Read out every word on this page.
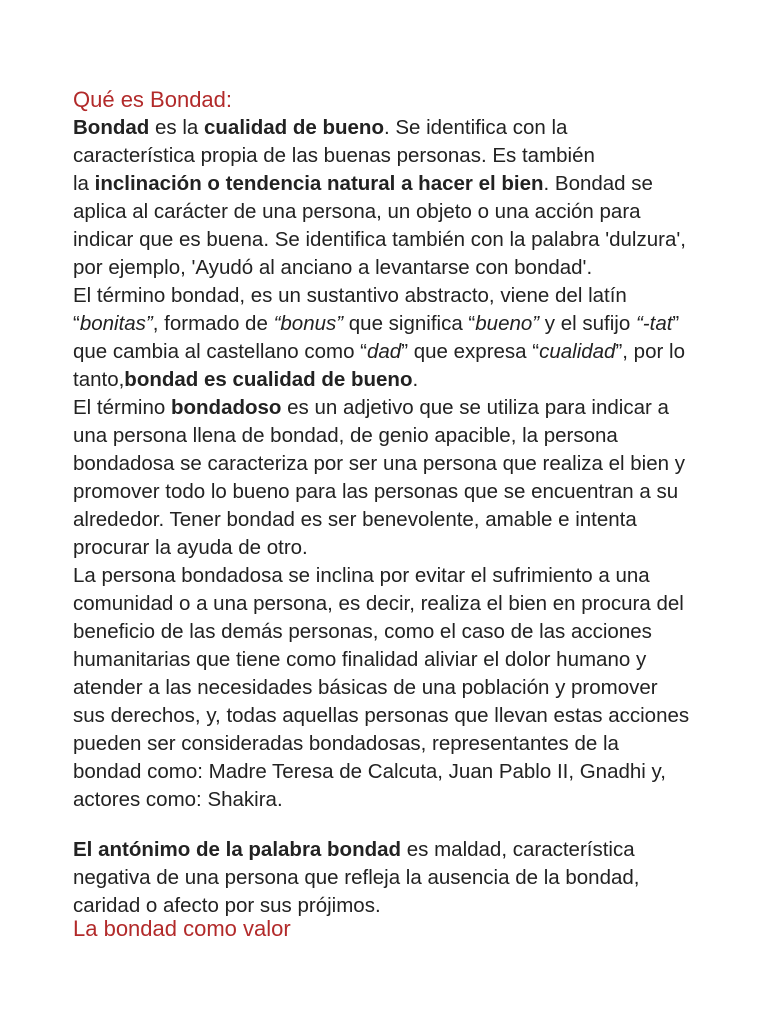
Qué es Bondad:
Bondad es la cualidad de bueno. Se identifica con la
característica propia de las buenas personas. Es también
la inclinación o tendencia natural a hacer el bien. Bondad se
aplica al carácter de una persona, un objeto o una acción para
indicar que es buena. Se identifica también con la palabra 'dulzura',
por ejemplo, 'Ayudó al anciano a levantarse con bondad'.
El término bondad, es un sustantivo abstracto, viene del latín
“bonitas”, formado de “bonus” que significa “bueno” y el sufijo “-tat”
que cambia al castellano como “dad” que expresa “cualidad”, por lo
tanto,bondad es cualidad de bueno.
El término bondadoso es un adjetivo que se utiliza para indicar a
una persona llena de bondad, de genio apacible, la persona
bondadosa se caracteriza por ser una persona que realiza el bien y
promover todo lo bueno para las personas que se encuentran a su
alrededor. Tener bondad es ser benevolente, amable e intenta
procurar la ayuda de otro.
La persona bondadosa se inclina por evitar el sufrimiento a una
comunidad o a una persona, es decir, realiza el bien en procura del
beneficio de las demás personas, como el caso de las acciones
humanitarias que tiene como finalidad aliviar el dolor humano y
atender a las necesidades básicas de una población y promover
sus derechos, y, todas aquellas personas que llevan estas acciones
pueden ser consideradas bondadosas, representantes de la
bondad como: Madre Teresa de Calcuta, Juan Pablo II, Gnadhi y,
actores como: Shakira.
El antónimo de la palabra bondad es maldad, característica
negativa de una persona que refleja la ausencia de la bondad,
caridad o afecto por sus prójimos.
La bondad como valor
